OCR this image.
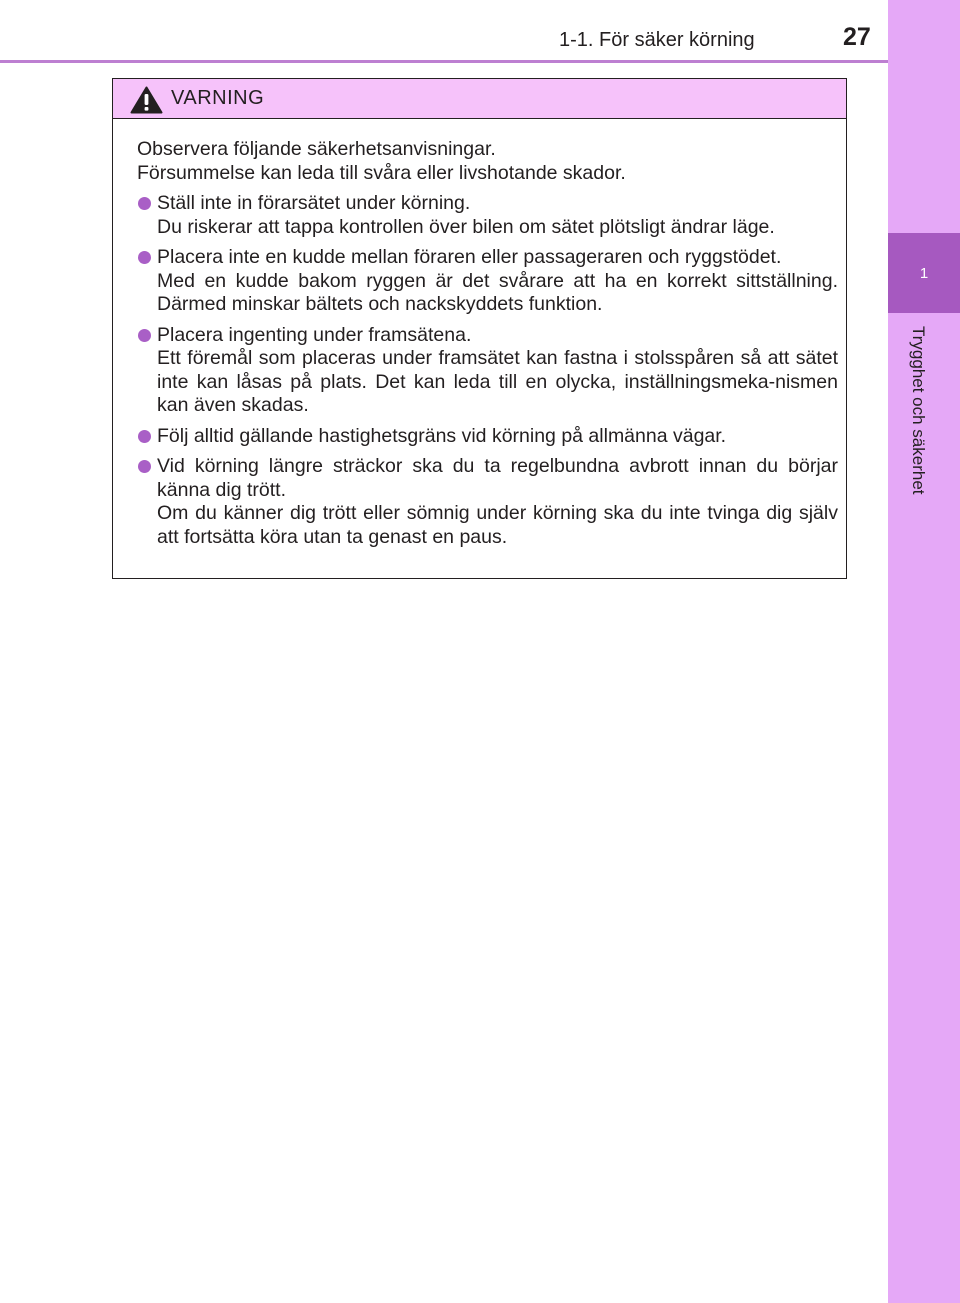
1-1. För säker körning	27
1
Trygghet och säkerhet
VARNING

Observera följande säkerhetsanvisningar.

Försummelse kan leda till svåra eller livshotande skador.

Ställ inte in förarsätet under körning.

Du riskerar att tappa kontrollen över bilen om sätet plötsligt ändrar läge.

Placera inte en kudde mellan föraren eller passageraren och ryggstödet.

Med en kudde bakom ryggen är det svårare att ha en korrekt sittställning. Därmed minskar bältets och nackskyddets funktion.

Placera ingenting under framsätena.

Ett föremål som placeras under framsätet kan fastna i stolsspåren så att sätet inte kan låsas på plats. Det kan leda till en olycka, inställningsmeka-nismen kan även skadas.

Följ alltid gällande hastighetsgräns vid körning på allmänna vägar.

Vid körning längre sträckor ska du ta regelbundna avbrott innan du börjar känna dig trött.

Om du känner dig trött eller sömnig under körning ska du inte tvinga dig själv att fortsätta köra utan ta genast en paus.
